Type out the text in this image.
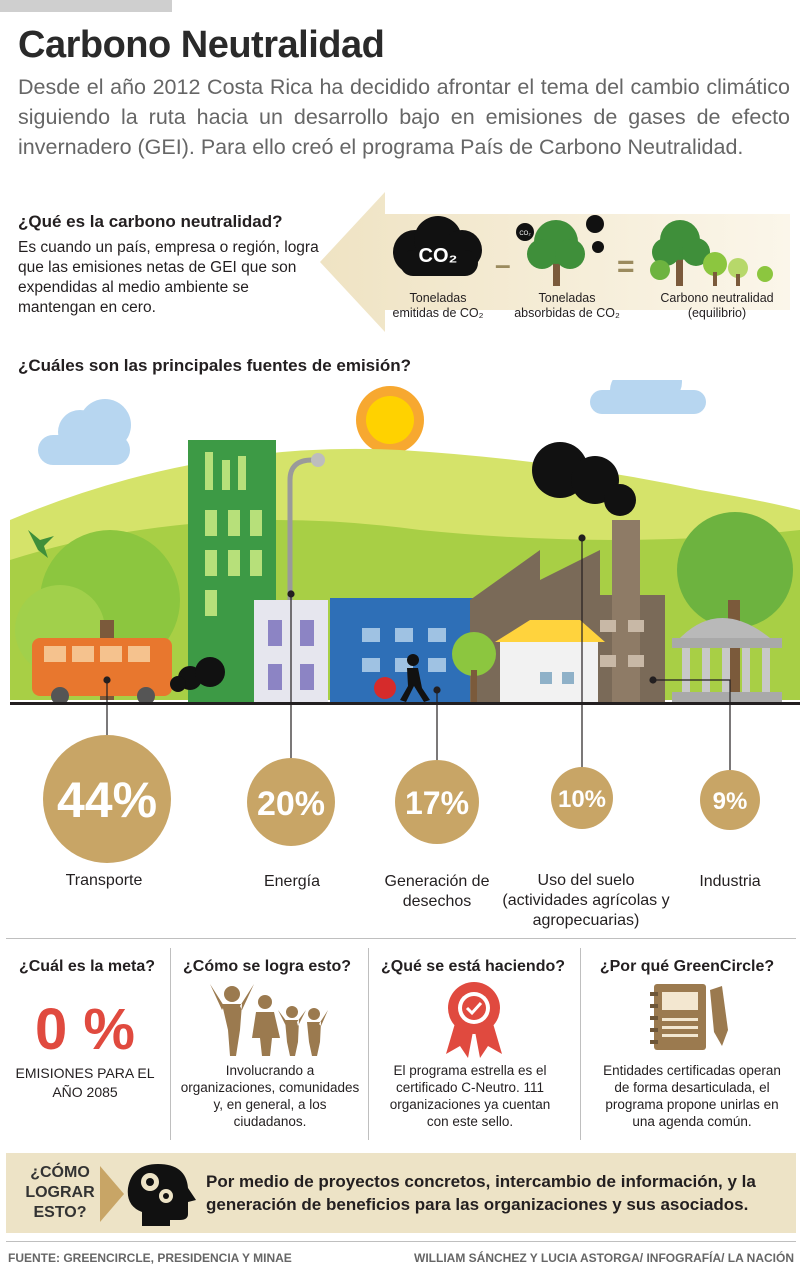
Carbono Neutralidad

Desde el año 2012 Costa Rica ha decidido afrontar el tema del cambio climático siguiendo la ruta hacia un desarrollo bajo en emisiones de gases de efecto invernadero (GEI). Para ello creó el programa País de Carbono Neutralidad.

¿Qué es la carbono neutralidad?

Es cuando un país, empresa o región, logra que las emisiones netas de GEI que son expendidas al medio ambiente se mantengan en cero.

CO₂ –
CO₂
=
Toneladas
emitidas de CO₂
Toneladas
absorbidas de CO₂
Carbono neutralidad
(equilibrio)

¿Cuáles son las principales fuentes de emisión?

44%	20% 17%	10%	9%
Transporte	Energía	Generación de desechos
Uso del suelo (actividades agrícolas y agropecuarias)
Industria
¿Cuál es la meta?
0 %
EMISIONES PARA EL AÑO 2085
¿Cómo se logra esto?
Involucrando a organizaciones, comunidades y, en general, a los ciudadanos.
¿Qué se está haciendo?
El programa estrella es el certificado C-Neutro. 111 organizaciones ya cuentan con este sello.
¿Por qué GreenCircle?
Entidades certificadas operan de forma desarticulada, el programa propone unirlas en una agenda común.
¿CÓMO LOGRAR ESTO?
Por medio de proyectos concretos, intercambio de información, y la generación de beneficios para las organizaciones y sus asociados.
FUENTE: GREENCIRCLE, PRESIDENCIA Y MINAE	WILLIAM SÁNCHEZ Y LUCIA ASTORGA/ INFOGRAFÍA/ LA NACIÓN
